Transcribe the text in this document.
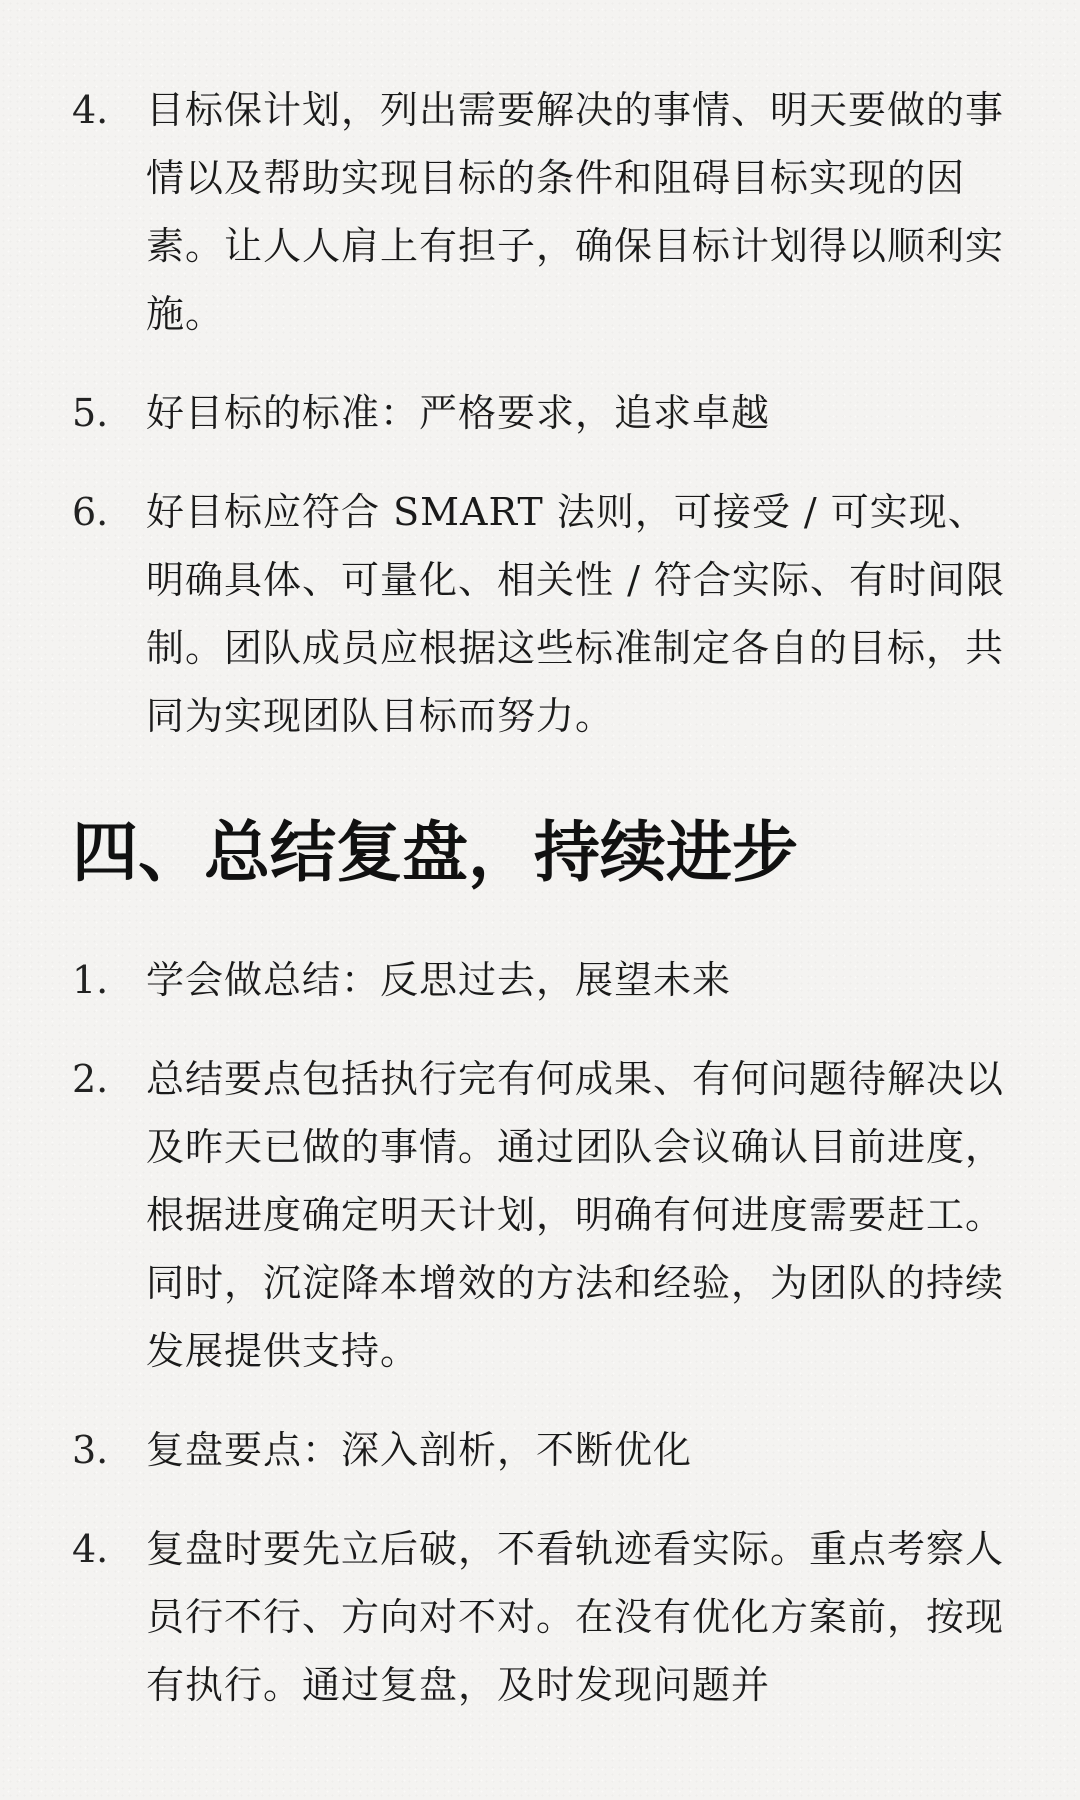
4. 目标保计划，列出需要解决的事情、明天要做的事情以及帮助实现目标的条件和阻碍目标实现的因素。让人人肩上有担子，确保目标计划得以顺利实施。
5. 好目标的标准：严格要求，追求卓越
6. 好目标应符合 SMART 法则，可接受 / 可实现、明确具体、可量化、相关性 / 符合实际、有时间限制。团队成员应根据这些标准制定各自的目标，共同为实现团队目标而努力。
四、总结复盘，持续进步
1. 学会做总结：反思过去，展望未来
2. 总结要点包括执行完有何成果、有何问题待解决以及昨天已做的事情。通过团队会议确认目前进度，根据进度确定明天计划，明确有何进度需要赶工。同时，沉淀降本增效的方法和经验，为团队的持续发展提供支持。
3. 复盘要点：深入剖析，不断优化
4. 复盘时要先立后破，不看轨迹看实际。重点考察人员行不行、方向对不对。在没有优化方案前，按现有执行。通过复盘，及时发现问题并
